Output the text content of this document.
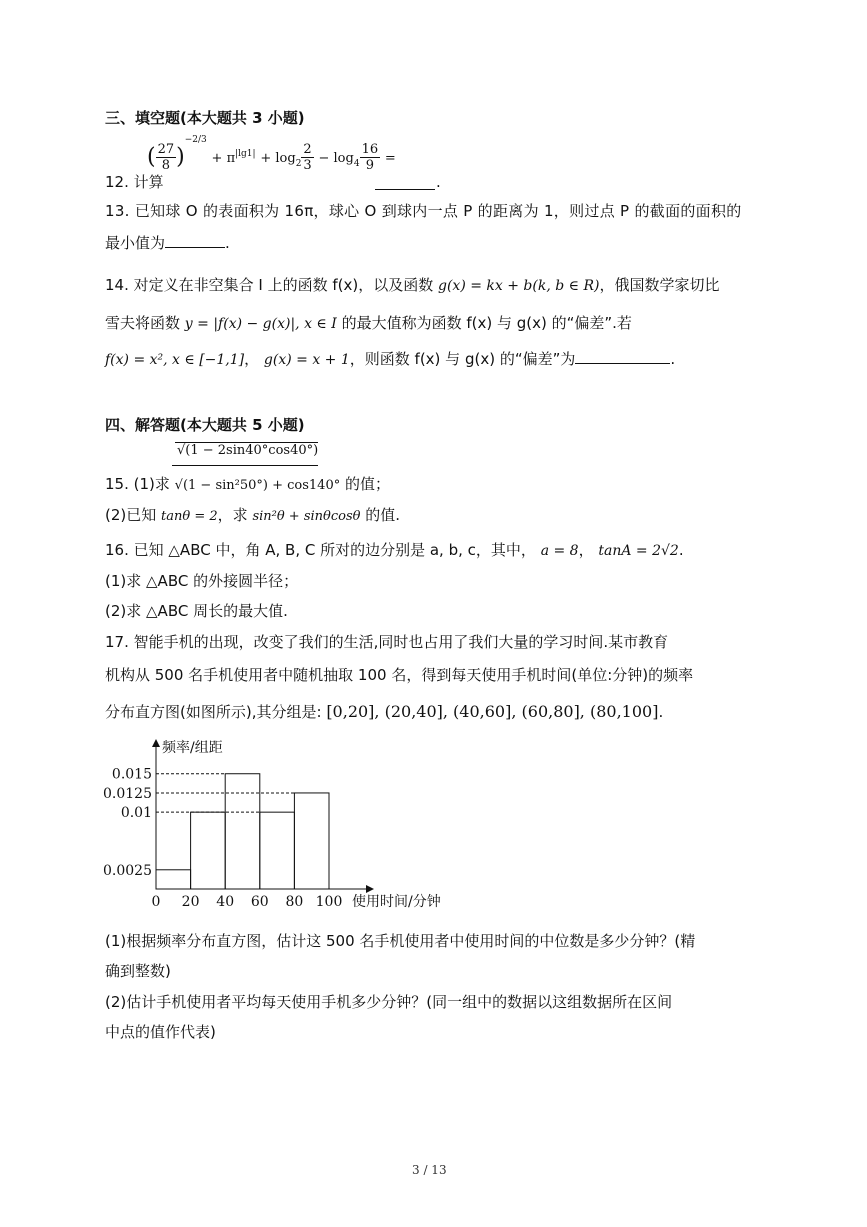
三、填空题(本大题共 3 小题)
12. 计算
( $\frac{27}{8} )^{-2/3} + \pi^{|lg1|} + \log_2 \frac{2}{3} - \log_4 \frac{16}{9}$ =
.
13. 已知球 O 的表面积为 16π，球心 O 到球内一点 P 的距离为 1，则过点 P 的截面的面积的
最小值为	.
14. 对定义在非空集合 I 上的函数 f(x)，以及函数 g(x) = kx + b(k, b ∈ R)，俄国数学家切比
雪夫将函数 y = |f(x) − g(x)|, x ∈ I 的最大值称为函数 f(x) 与 g(x) 的“偏差”.若
f(x) = x², x ∈ [−1,1]， g(x) = x + 1，则函数 f(x) 与 g(x) 的“偏差”为	.
四、解答题(本大题共 5 小题)
√(1 − 2sin40°cos40°)
15. (1)求 √(1 − sin²50°) + cos140° 的值；
(2)已知 tanθ = 2，求 sin²θ + sinθcosθ 的值.
16. 已知 △ABC 中，角 A, B, C 所对的边分别是 a, b, c，其中， a = 8， tanA = 2√2.
(1)求 △ABC 的外接圆半径；
(2)求 △ABC 周长的最大值.
17. 智能手机的出现，改变了我们的生活,同时也占用了我们大量的学习时间.某市教育
机构从 500 名手机使用者中随机抽取 100 名，得到每天使用手机时间(单位:分钟)的频率
分布直方图(如图所示),其分组是: [0,20], (20,40], (40,60], (60,80], (80,100].
频率/组距
使用时间/分钟
0.0025
0.01
0.0125
0.015
0 20 40 60 80 100
(1)根据频率分布直方图，估计这 500 名手机使用者中使用时间的中位数是多少分钟？(精
确到整数)
(2)估计手机使用者平均每天使用手机多少分钟？(同一组中的数据以这组数据所在区间
中点的值作代表)
3 / 13
